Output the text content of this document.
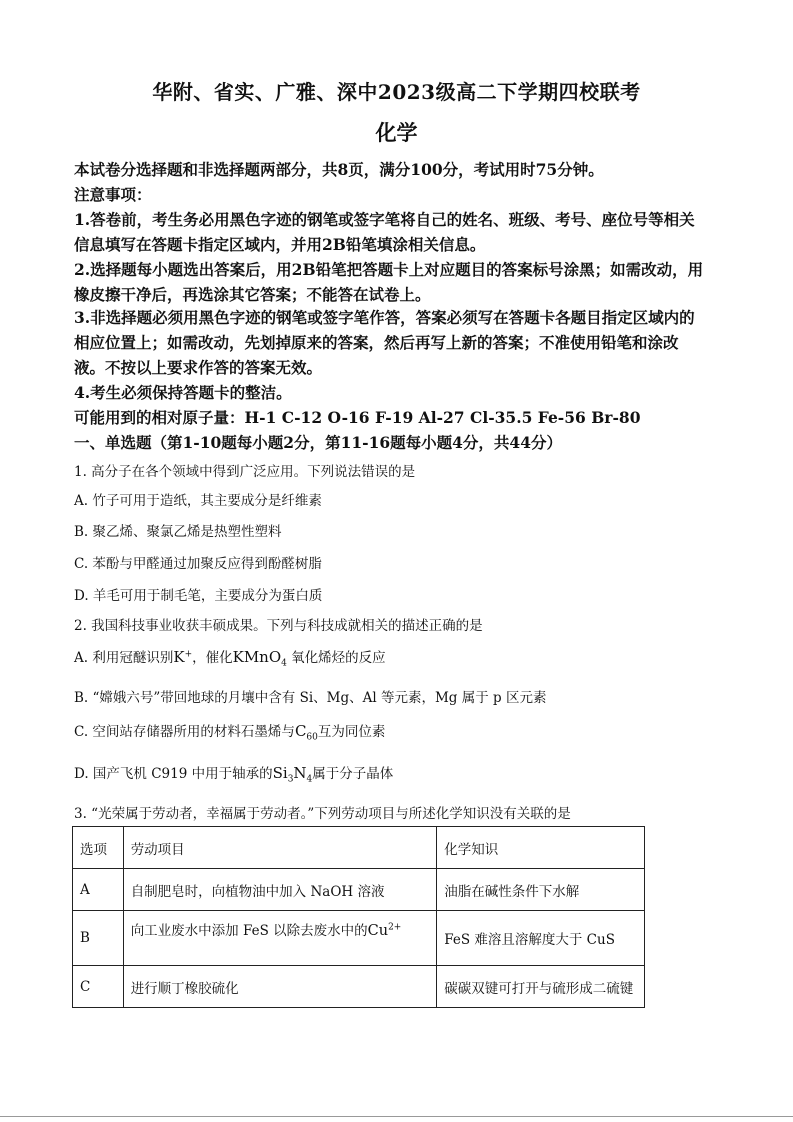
华附、省实、广雅、深中2023级高二下学期四校联考
化学
本试卷分选择题和非选择题两部分，共8页，满分100分，考试用时75分钟。
注意事项：
1.答卷前，考生务必用黑色字迹的钢笔或签字笔将自己的姓名、班级、考号、座位号等相关
信息填写在答题卡指定区域内，并用2B铅笔填涂相关信息。
2.选择题每小题选出答案后，用2B铅笔把答题卡上对应题目的答案标号涂黑；如需改动，用
橡皮擦干净后，再选涂其它答案；不能答在试卷上。
3.非选择题必须用黑色字迹的钢笔或签字笔作答，答案必须写在答题卡各题目指定区域内的
相应位置上；如需改动，先划掉原来的答案，然后再写上新的答案；不准使用铅笔和涂改
液。不按以上要求作答的答案无效。
4.考生必须保持答题卡的整洁。
可能用到的相对原子量：H-1 C-12 O-16 F-19 Al-27 Cl-35.5 Fe-56 Br-80
一、单选题（第1-10题每小题2分，第11-16题每小题4分，共44分）
1. 高分子在各个领域中得到广泛应用。下列说法错误的是
A. 竹子可用于造纸，其主要成分是纤维素
B. 聚乙烯、聚氯乙烯是热塑性塑料
C. 苯酚与甲醛通过加聚反应得到酚醛树脂
D. 羊毛可用于制毛笔，主要成分为蛋白质
2. 我国科技事业收获丰硕成果。下列与科技成就相关的描述正确的是
A. 利用冠醚识别K+，催化KMnO$_4$ 氧化烯烃的反应
B. “嫦娥六号”带回地球的月壤中含有 Si、Mg、Al 等元素，Mg 属于 p 区元素
C. 空间站存储器所用的材料石墨烯与$C_{60}$互为同位素
D. 国产飞机 C919 中用于轴承的$Si_3N_4$属于分子晶体
3. “光荣属于劳动者，幸福属于劳动者。”下列劳动项目与所述化学知识没有关联的是
选项	劳动项目	化学知识
A	自制肥皂时，向植物油中加入 NaOH 溶液	油脂在碱性条件下水解
B	向工业废水中添加 FeS 以除去废水中的$Cu^{2+}$	FeS 难溶且溶解度大于 CuS
C	进行顺丁橡胶硫化	碳碳双键可打开与硫形成二硫键
